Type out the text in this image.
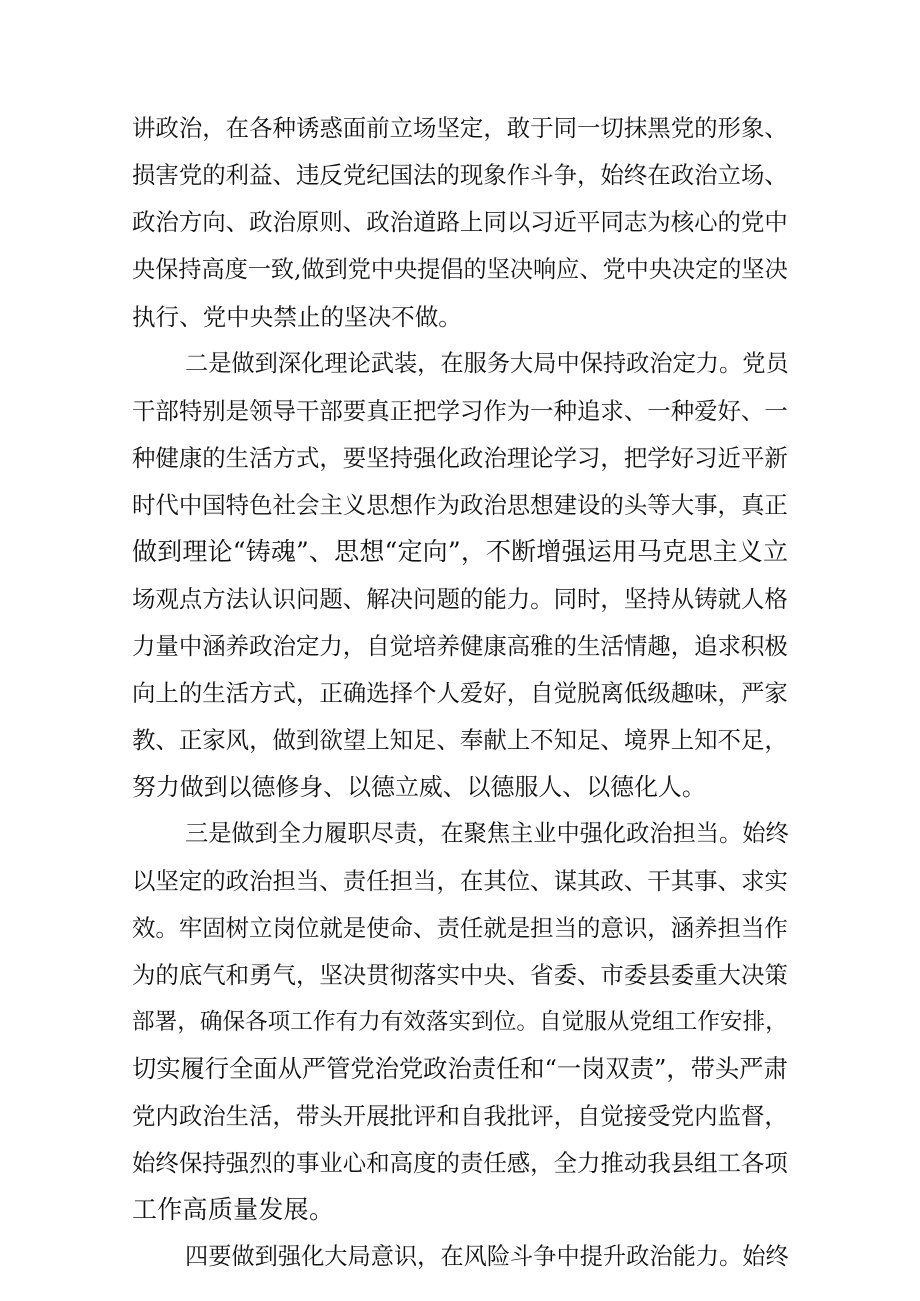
讲政治，在各种诱惑面前立场坚定，敢于同一切抹黑党的形象、
损害党的利益、违反党纪国法的现象作斗争，始终在政治立场、
政治方向、政治原则、政治道路上同以习近平同志为核心的党中
央保持高度一致,做到党中央提倡的坚决响应、党中央决定的坚决
执行、党中央禁止的坚决不做。
二是做到深化理论武装，在服务大局中保持政治定力。党员
干部特别是领导干部要真正把学习作为一种追求、一种爱好、一
种健康的生活方式，要坚持强化政治理论学习，把学好习近平新
时代中国特色社会主义思想作为政治思想建设的头等大事，真正
做到理论“铸魂”、思想“定向”，不断增强运用马克思主义立
场观点方法认识问题、解决问题的能力。同时，坚持从铸就人格
力量中涵养政治定力，自觉培养健康高雅的生活情趣，追求积极
向上的生活方式，正确选择个人爱好，自觉脱离低级趣味，严家
教、正家风，做到欲望上知足、奉献上不知足、境界上知不足，
努力做到以德修身、以德立威、以德服人、以德化人。
三是做到全力履职尽责，在聚焦主业中强化政治担当。始终
以坚定的政治担当、责任担当，在其位、谋其政、干其事、求实
效。牢固树立岗位就是使命、责任就是担当的意识，涵养担当作
为的底气和勇气，坚决贯彻落实中央、省委、市委县委重大决策
部署，确保各项工作有力有效落实到位。自觉服从党组工作安排，
切实履行全面从严管党治党政治责任和“一岗双责”，带头严肃
党内政治生活，带头开展批评和自我批评，自觉接受党内监督，
始终保持强烈的事业心和高度的责任感，全力推动我县组工各项
工作高质量发展。
四要做到强化大局意识，在风险斗争中提升政治能力。始终
